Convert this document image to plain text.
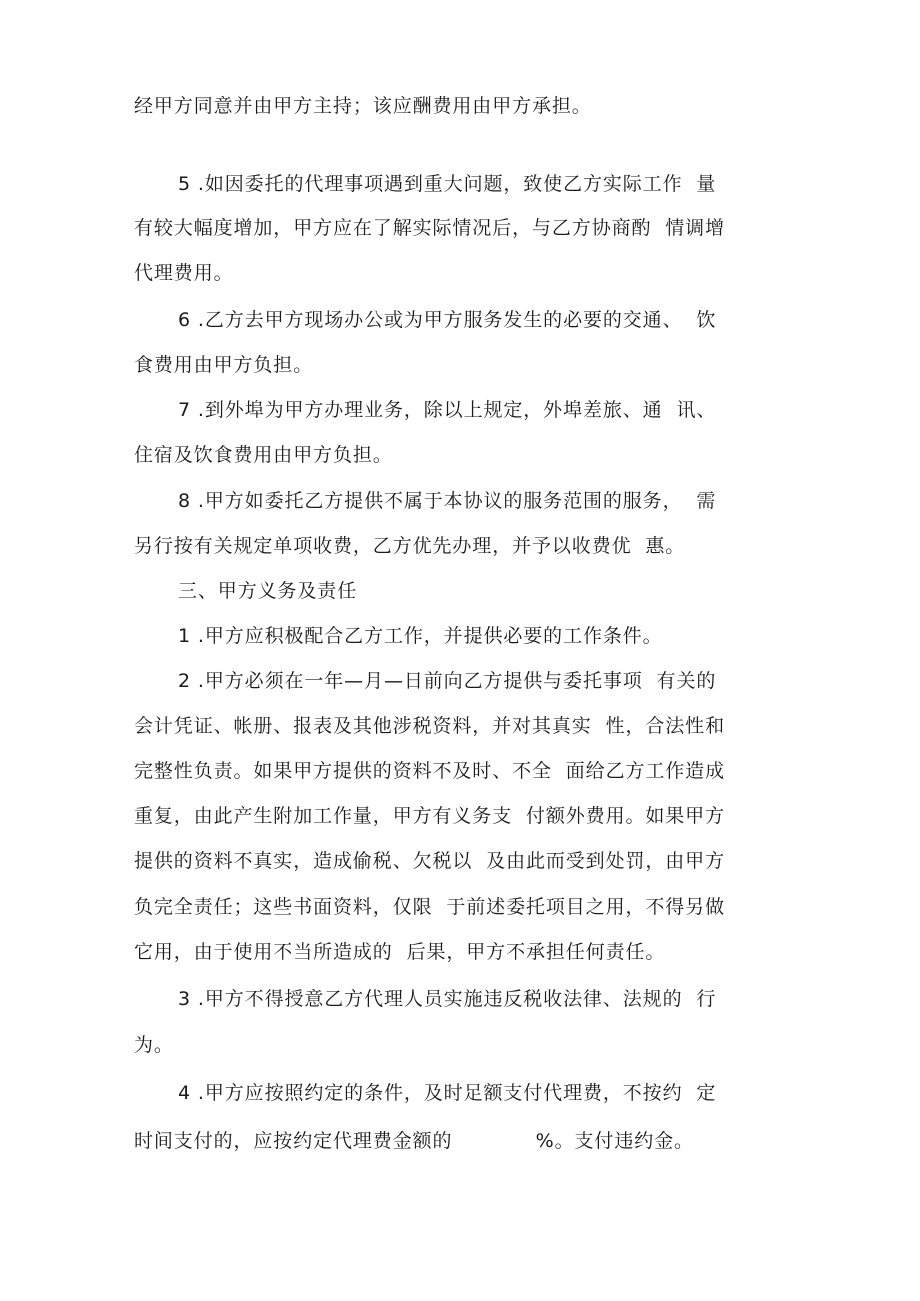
经甲方同意并由甲方主持；该应酬费用由甲方承担。
5 .如因委托的代理事项遇到重大问题，致使乙方实际工作  量
有较大幅度增加，甲方应在了解实际情况后，与乙方协商酌  情调增
代理费用。
6 .乙方去甲方现场办公或为甲方服务发生的必要的交通、  饮
食费用由甲方负担。
7 .到外埠为甲方办理业务，除以上规定，外埠差旅、通  讯、
住宿及饮食费用由甲方负担。
8 .甲方如委托乙方提供不属于本协议的服务范围的服务，  需
另行按有关规定单项收费，乙方优先办理，并予以收费优  惠。
三、甲方义务及责任
1 .甲方应积极配合乙方工作，并提供必要的工作条件。
2 .甲方必须在一年—月—日前向乙方提供与委托事项  有关的
会计凭证、帐册、报表及其他涉税资料，并对其真实  性，合法性和
完整性负责。如果甲方提供的资料不及时、不全  面给乙方工作造成
重复，由此产生附加工作量，甲方有义务支  付额外费用。如果甲方
提供的资料不真实，造成偷税、欠税以  及由此而受到处罚，由甲方
负完全责任；这些书面资料，仅限  于前述委托项目之用，不得另做
它用，由于使用不当所造成的  后果，甲方不承担任何责任。
3 .甲方不得授意乙方代理人员实施违反税收法律、法规的  行
为。
4 .甲方应按照约定的条件，及时足额支付代理费，不按约  定
时间支付的，应按约定代理费金额的            %。支付违约金。
